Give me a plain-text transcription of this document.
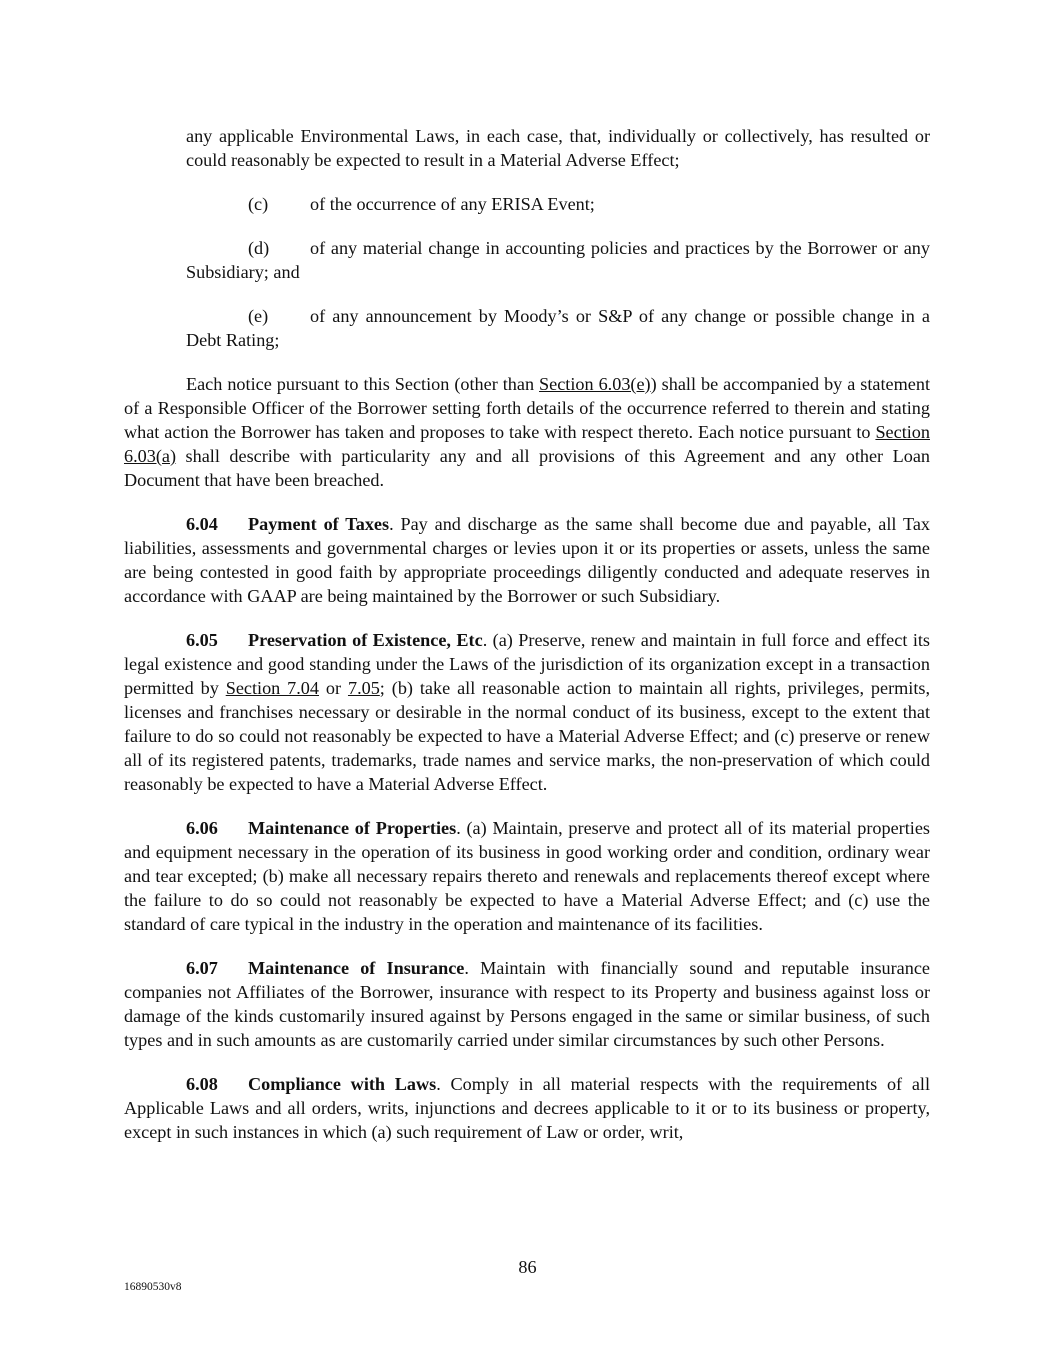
any applicable Environmental Laws, in each case, that, individually or collectively, has resulted or could reasonably be expected to result in a Material Adverse Effect;

(c) of the occurrence of any ERISA Event;

(d) of any material change in accounting policies and practices by the Borrower or any Subsidiary; and

(e) of any announcement by Moody’s or S&P of any change or possible change in a Debt Rating;

Each notice pursuant to this Section (other than Section 6.03(e)) shall be accompanied by a statement of a Responsible Officer of the Borrower setting forth details of the occurrence referred to therein and stating what action the Borrower has taken and proposes to take with respect thereto. Each notice pursuant to Section 6.03(a) shall describe with particularity any and all provisions of this Agreement and any other Loan Document that have been breached.

6.04 Payment of Taxes. Pay and discharge as the same shall become due and payable, all Tax liabilities, assessments and governmental charges or levies upon it or its properties or assets, unless the same are being contested in good faith by appropriate proceedings diligently conducted and adequate reserves in accordance with GAAP are being maintained by the Borrower or such Subsidiary.

6.05 Preservation of Existence, Etc. (a) Preserve, renew and maintain in full force and effect its legal existence and good standing under the Laws of the jurisdiction of its organization except in a transaction permitted by Section 7.04 or 7.05; (b) take all reasonable action to maintain all rights, privileges, permits, licenses and franchises necessary or desirable in the normal conduct of its business, except to the extent that failure to do so could not reasonably be expected to have a Material Adverse Effect; and (c) preserve or renew all of its registered patents, trademarks, trade names and service marks, the non-preservation of which could reasonably be expected to have a Material Adverse Effect.

6.06 Maintenance of Properties. (a) Maintain, preserve and protect all of its material properties and equipment necessary in the operation of its business in good working order and condition, ordinary wear and tear excepted; (b) make all necessary repairs thereto and renewals and replacements thereof except where the failure to do so could not reasonably be expected to have a Material Adverse Effect; and (c) use the standard of care typical in the industry in the operation and maintenance of its facilities.

6.07 Maintenance of Insurance. Maintain with financially sound and reputable insurance companies not Affiliates of the Borrower, insurance with respect to its Property and business against loss or damage of the kinds customarily insured against by Persons engaged in the same or similar business, of such types and in such amounts as are customarily carried under similar circumstances by such other Persons.

6.08 Compliance with Laws. Comply in all material respects with the requirements of all Applicable Laws and all orders, writs, injunctions and decrees applicable to it or to its business or property, except in such instances in which (a) such requirement of Law or order, writ,

86
16890530v8
